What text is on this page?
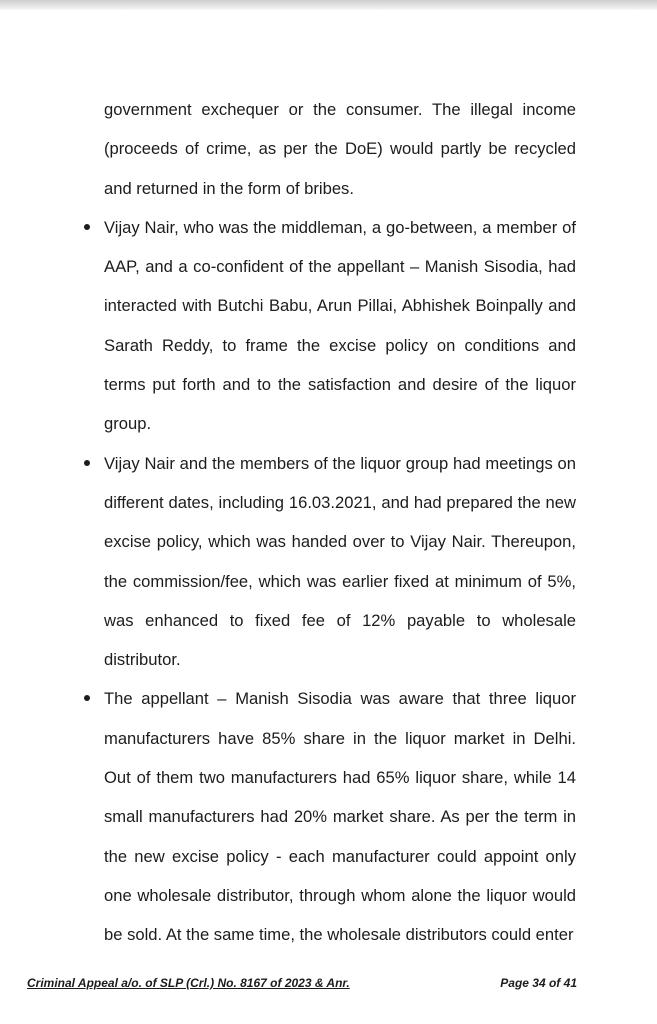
government exchequer or the consumer. The illegal income (proceeds of crime, as per the DoE) would partly be recycled and returned in the form of bribes.

Vijay Nair, who was the middleman, a go-between, a member of AAP, and a co-confident of the appellant – Manish Sisodia, had interacted with Butchi Babu, Arun Pillai, Abhishek Boinpally and Sarath Reddy, to frame the excise policy on conditions and terms put forth and to the satisfaction and desire of the liquor group.
Vijay Nair and the members of the liquor group had meetings on different dates, including 16.03.2021, and had prepared the new excise policy, which was handed over to Vijay Nair. Thereupon, the commission/fee, which was earlier fixed at minimum of 5%, was enhanced to fixed fee of 12% payable to wholesale distributor.
The appellant – Manish Sisodia was aware that three liquor manufacturers have 85% share in the liquor market in Delhi. Out of them two manufacturers had 65% liquor share, while 14 small manufacturers had 20% market share. As per the term in the new excise policy - each manufacturer could appoint only one wholesale distributor, through whom alone the liquor would be sold. At the same time, the wholesale distributors could enter
Criminal Appeal a/o. of SLP (Crl.) No. 8167 of 2023 & Anr.	Page 34 of 41
